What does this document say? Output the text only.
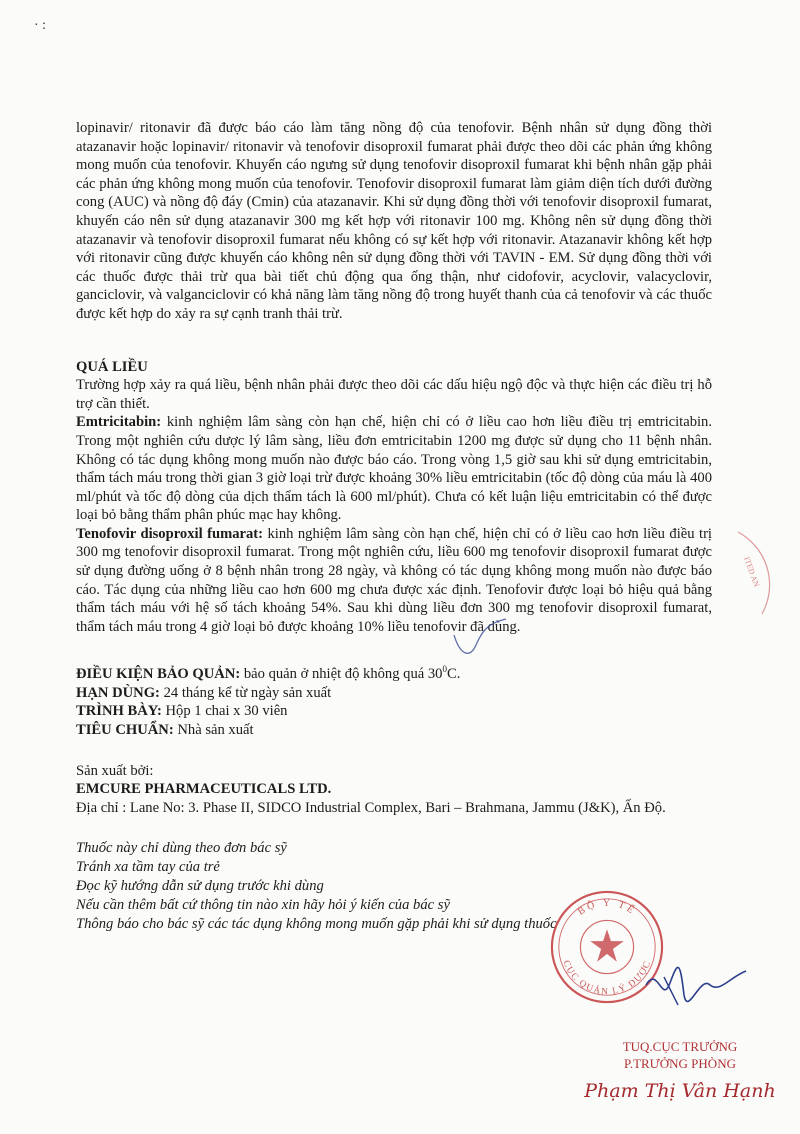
· :

lopinavir/ ritonavir đã được báo cáo làm tăng nồng độ của tenofovir. Bệnh nhân sử dụng đồng thời atazanavir hoặc lopinavir/ ritonavir và tenofovir disoproxil fumarat phải được theo dõi các phản ứng không mong muốn của tenofovir. Khuyến cáo ngưng sử dụng tenofovir disoproxil fumarat khi bệnh nhân gặp phải các phản ứng không mong muốn của tenofovir. Tenofovir disoproxil fumarat làm giảm diện tích dưới đường cong (AUC) và nồng độ đáy (Cmin) của atazanavir. Khi sử dụng đồng thời với tenofovir disoproxil fumarat, khuyến cáo nên sử dụng atazanavir 300 mg kết hợp với ritonavir 100 mg. Không nên sử dụng đồng thời atazanavir và tenofovir disoproxil fumarat nếu không có sự kết hợp với ritonavir. Atazanavir không kết hợp với ritonavir cũng được khuyến cáo không nên sử dụng đồng thời với TAVIN - EM. Sử dụng đồng thời với các thuốc được thải trừ qua bài tiết chủ động qua ống thận, như cidofovir, acyclovir, valacyclovir, ganciclovir, và valganciclovir có khả năng làm tăng nồng độ trong huyết thanh của cả tenofovir và các thuốc được kết hợp do xảy ra sự cạnh tranh thải trừ.

QUÁ LIỀU

Trường hợp xảy ra quá liều, bệnh nhân phải được theo dõi các dấu hiệu ngộ độc và thực hiện các điều trị hỗ trợ cần thiết.

Emtricitabin: kinh nghiệm lâm sàng còn hạn chế, hiện chỉ có ở liều cao hơn liều điều trị emtricitabin. Trong một nghiên cứu dược lý lâm sàng, liều đơn emtricitabin 1200 mg được sử dụng cho 11 bệnh nhân. Không có tác dụng không mong muốn nào được báo cáo. Trong vòng 1,5 giờ sau khi sử dụng emtricitabin, thẩm tách máu trong thời gian 3 giờ loại trừ được khoảng 30% liều emtricitabin (tốc độ dòng của máu là 400 ml/phút và tốc độ dòng của dịch thẩm tách là 600 ml/phút). Chưa có kết luận liệu emtricitabin có thể được loại bỏ bằng thẩm phân phúc mạc hay không.

Tenofovir disoproxil fumarat: kinh nghiệm lâm sàng còn hạn chế, hiện chỉ có ở liều cao hơn liều điều trị 300 mg tenofovir disoproxil fumarat. Trong một nghiên cứu, liều 600 mg tenofovir disoproxil fumarat được sử dụng đường uống ở 8 bệnh nhân trong 28 ngày, và không có tác dụng không mong muốn nào được báo cáo. Tác dụng của những liều cao hơn 600 mg chưa được xác định. Tenofovir được loại bỏ hiệu quả bằng thẩm tách máu với hệ số tách khoảng 54%. Sau khi dùng liều đơn 300 mg tenofovir disoproxil fumarat, thẩm tách máu trong 4 giờ loại bỏ được khoảng 10% liều tenofovir đã dùng.

ĐIỀU KIỆN BẢO QUẢN: bảo quản ở nhiệt độ không quá $30^0C$.

HẠN DÙNG: 24 tháng kể từ ngày sản xuất

TRÌNH BÀY: Hộp 1 chai x 30 viên

TIÊU CHUẨN: Nhà sản xuất

Sản xuất bởi:
EMCURE PHARMACEUTICALS LTD.
Địa chỉ : Lane No: 3. Phase II, SIDCO Industrial Complex, Bari – Brahmana, Jammu (J&K), Ấn Độ.

Thuốc này chỉ dùng theo đơn bác sỹ

Tránh xa tầm tay của trẻ

Đọc kỹ hướng dẫn sử dụng trước khi dùng

Nếu cần thêm bất cứ thông tin nào xin hãy hỏi ý kiến của bác sỹ

Thông báo cho bác sỹ các tác dụng không mong muốn gặp phải khi sử dụng thuốc

BỘ Y TẾ
CỤC QUẢN LÝ DƯỢC
ITED AN
TUQ.CỤC TRƯỞNG
P.TRƯỞNG PHÒNG
Phạm Thị Vân Hạnh
